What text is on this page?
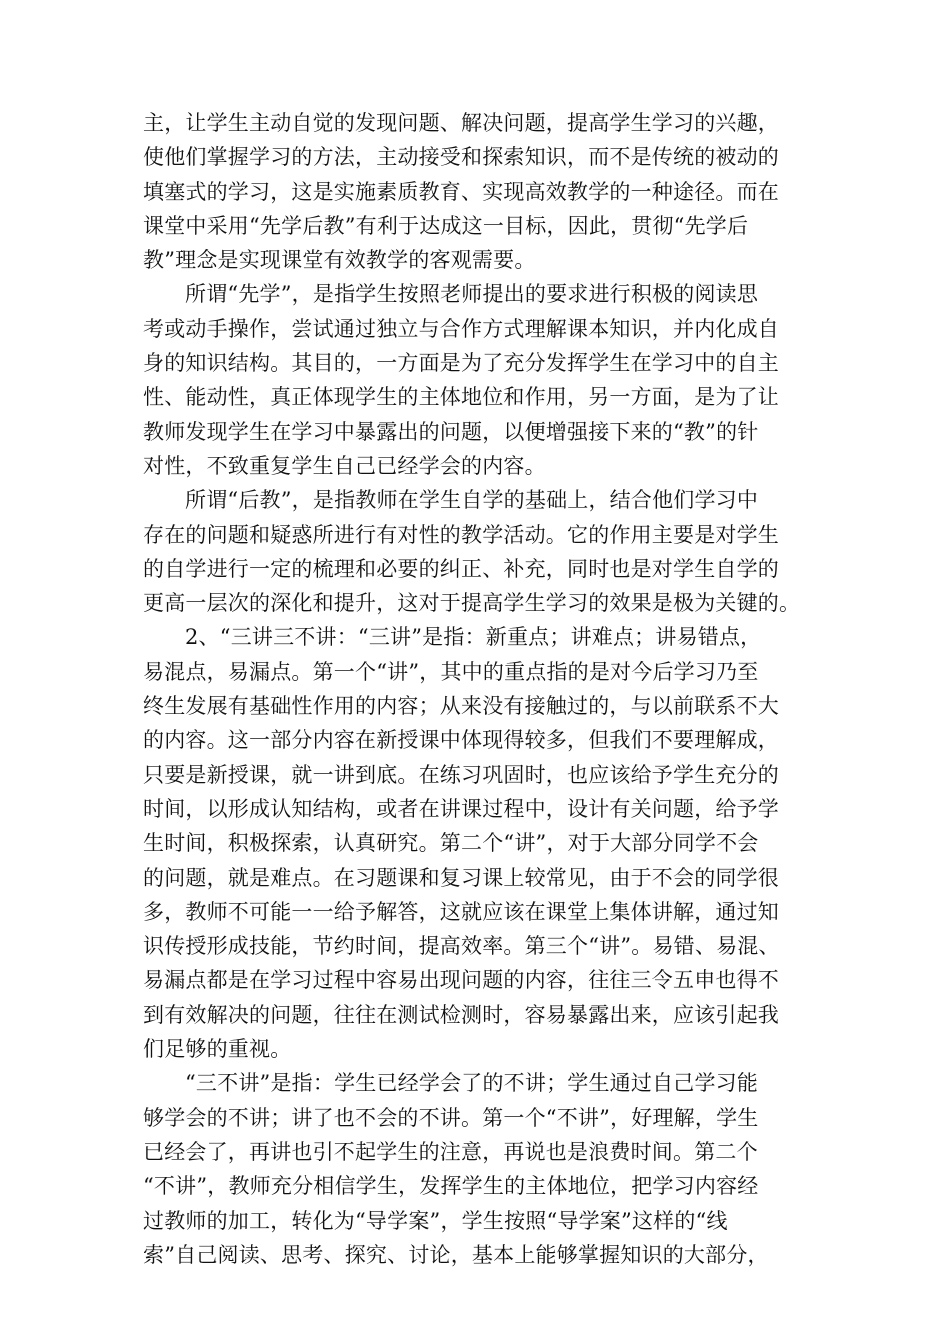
主，让学生主动自觉的发现问题、解决问题，提高学生学习的兴趣，
使他们掌握学习的方法，主动接受和探索知识，而不是传统的被动的
填塞式的学习，这是实施素质教育、实现高效教学的一种途径。而在
课堂中采用“先学后教”有利于达成这一目标，因此，贯彻“先学后
教”理念是实现课堂有效教学的客观需要。
所谓“先学”，是指学生按照老师提出的要求进行积极的阅读思
考或动手操作，尝试通过独立与合作方式理解课本知识，并内化成自
身的知识结构。其目的，一方面是为了充分发挥学生在学习中的自主
性、能动性，真正体现学生的主体地位和作用，另一方面，是为了让
教师发现学生在学习中暴露出的问题，以便增强接下来的“教”的针
对性，不致重复学生自己已经学会的内容。
所谓“后教”，是指教师在学生自学的基础上，结合他们学习中
存在的问题和疑惑所进行有对性的教学活动。它的作用主要是对学生
的自学进行一定的梳理和必要的纠正、补充，同时也是对学生自学的
更高一层次的深化和提升，这对于提高学生学习的效果是极为关键的。
2、“三讲三不讲：“三讲”是指：新重点；讲难点；讲易错点，
易混点，易漏点。第一个“讲”，其中的重点指的是对今后学习乃至
终生发展有基础性作用的内容；从来没有接触过的，与以前联系不大
的内容。这一部分内容在新授课中体现得较多，但我们不要理解成，
只要是新授课，就一讲到底。在练习巩固时，也应该给予学生充分的
时间，以形成认知结构，或者在讲课过程中，设计有关问题，给予学
生时间，积极探索，认真研究。第二个“讲”，对于大部分同学不会
的问题，就是难点。在习题课和复习课上较常见，由于不会的同学很
多，教师不可能一一给予解答，这就应该在课堂上集体讲解，通过知
识传授形成技能，节约时间，提高效率。第三个“讲”。易错、易混、
易漏点都是在学习过程中容易出现问题的内容，往往三令五申也得不
到有效解决的问题，往往在测试检测时，容易暴露出来，应该引起我
们足够的重视。
“三不讲”是指：学生已经学会了的不讲；学生通过自己学习能
够学会的不讲；讲了也不会的不讲。第一个“不讲”，好理解，学生
已经会了，再讲也引不起学生的注意，再说也是浪费时间。第二个
“不讲”，教师充分相信学生，发挥学生的主体地位，把学习内容经
过教师的加工，转化为“导学案”，学生按照“导学案”这样的“线
索”自己阅读、思考、探究、讨论，基本上能够掌握知识的大部分，
